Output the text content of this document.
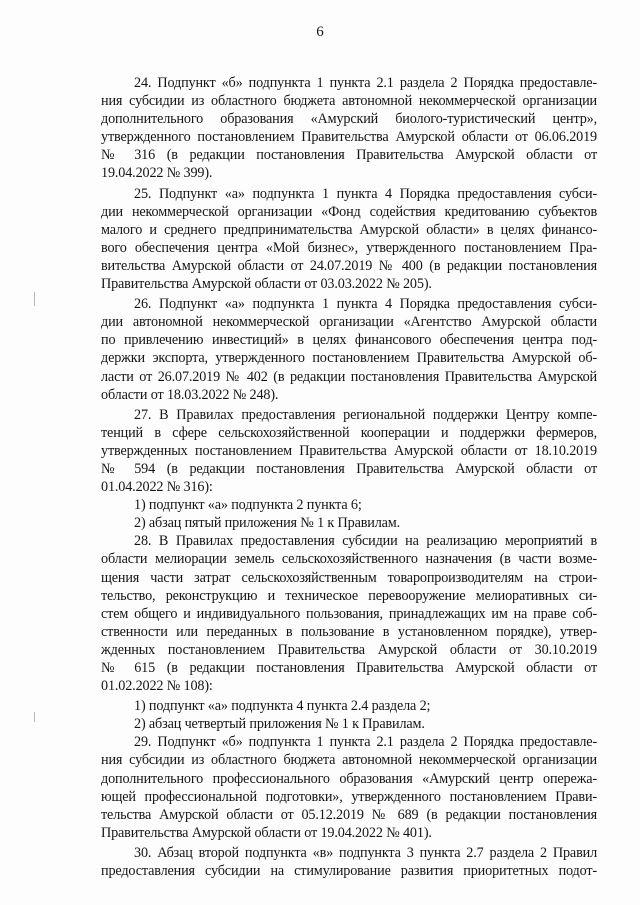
6
24. Подпункт «б» подпункта 1 пункта 2.1 раздела 2 Порядка предоставле-
ния субсидии из областного бюджета автономной некоммерческой организации
дополнительного образования «Амурский биолого-туристический центр»,
утвержденного постановлением Правительства Амурской области от 06.06.2019
№ 316 (в редакции постановления Правительства Амурской области от
19.04.2022 № 399).
25. Подпункт «а» подпункта 1 пункта 4 Порядка предоставления субси-
дии некоммерческой организации «Фонд содействия кредитованию субъектов
малого и среднего предпринимательства Амурской области» в целях финансо-
вого обеспечения центра «Мой бизнес», утвержденного постановлением Пра-
вительства Амурской области от 24.07.2019 № 400 (в редакции постановления
Правительства Амурской области от 03.03.2022 № 205).
26. Подпункт «а» подпункта 1 пункта 4 Порядка предоставления субси-
дии автономной некоммерческой организации «Агентство Амурской области
по привлечению инвестиций» в целях финансового обеспечения центра под-
держки экспорта, утвержденного постановлением Правительства Амурской об-
ласти от 26.07.2019 № 402 (в редакции постановления Правительства Амурской
области от 18.03.2022 № 248).
27. В Правилах предоставления региональной поддержки Центру компе-
тенций в сфере сельскохозяйственной кооперации и поддержки фермеров,
утвержденных постановлением Правительства Амурской области от 18.10.2019
№ 594 (в редакции постановления Правительства Амурской области от
01.04.2022 № 316):
1) подпункт «а» подпункта 2 пункта 6;
2) абзац пятый приложения № 1 к Правилам.
28. В Правилах предоставления субсидии на реализацию мероприятий в
области мелиорации земель сельскохозяйственного назначения (в части возме-
щения части затрат сельскохозяйственным товаропроизводителям на строи-
тельство, реконструкцию и техническое перевооружение мелиоративных си-
стем общего и индивидуального пользования, принадлежащих им на праве соб-
ственности или переданных в пользование в установленном порядке), утвер-
жденных постановлением Правительства Амурской области от 30.10.2019
№ 615 (в редакции постановления Правительства Амурской области от
01.02.2022 № 108):
1) подпункт «а» подпункта 4 пункта 2.4 раздела 2;
2) абзац четвертый приложения № 1 к Правилам.
29. Подпункт «б» подпункта 1 пункта 2.1 раздела 2 Порядка предоставле-
ния субсидии из областного бюджета автономной некоммерческой организации
дополнительного профессионального образования «Амурский центр опережа-
ющей профессиональной подготовки», утвержденного постановлением Прави-
тельства Амурской области от 05.12.2019 № 689 (в редакции постановления
Правительства Амурской области от 19.04.2022 № 401).
30. Абзац второй подпункта «в» подпункта 3 пункта 2.7 раздела 2 Правил
предоставления субсидии на стимулирование развития приоритетных подот-
